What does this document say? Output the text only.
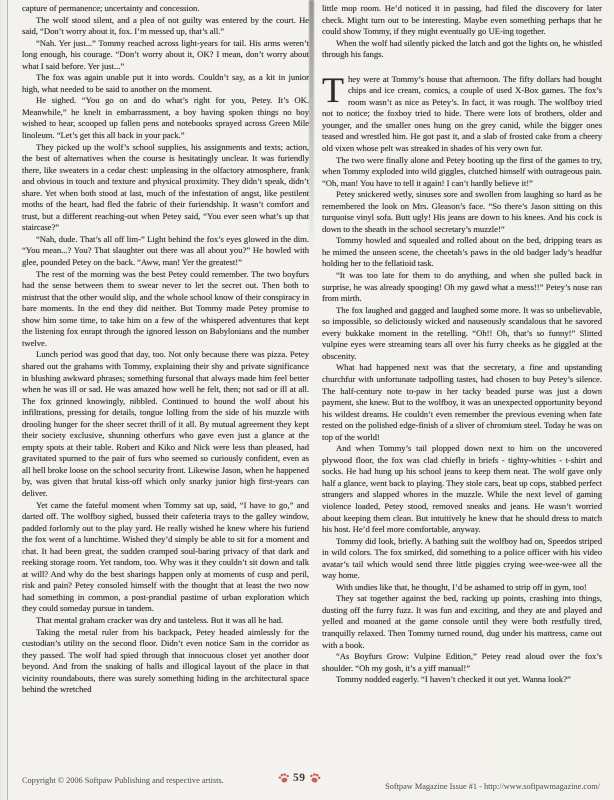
capture of permanence; uncertainty and concession.

The wolf stood silent, and a plea of not guilty was entered by the court. He said, “Don’t worry about it, fox. I’m messed up, that’s all.”

“Nah. Yer just...” Tommy reached across light-years for tail. His arms weren’t long enough, his courage. “Don’t worry about it, OK? I mean, don’t worry about what I said before. Yer just...”

The fox was again unable put it into words. Couldn’t say, as a kit in junior high, what needed to be said to another on the moment.

He sighed. “You go on and do what’s right for you, Petey. It’s OK. Meanwhile,” he knelt in embarrassment, a boy having spoken things no boy wished to hear, scooped up fallen pens and notebooks sprayed across Green Mile linoleum. “Let’s get this all back in your pack.”

They picked up the wolf’s school supplies, his assignments and texts; action, the best of alternatives when the course is hesitatingly unclear. It was furiendly there, like sweaters in a cedar chest: unpleasing in the olfactory atmosphere, frank and obvious in touch and texture and physical proximity. They didn’t speak, didn’t share. Yet when both stood at last, much of the infestation of angst, like pestilent moths of the heart, had fled the fabric of their furiendship. It wasn’t comfort and trust, but a different reaching-out when Petey said, “You ever seen what’s up that staircase?”

“Nah, dude. That’s all off lim-” Light behind the fox’s eyes glowed in the dim. “You mean...? You? That slaughter out there was all about you?” He howled with glee, pounded Petey on the back. “Aww, man! Yer the greatest!”

The rest of the morning was the best Petey could remember. The two boyfurs had the sense between them to swear never to let the secret out. Then both to mistrust that the other would slip, and the whole school know of their conspiracy in bare moments. In the end they did neither. But Tommy made Petey promise to show him some time, to take him on a few of the whispered adventures that kept the listening fox enrapt through the ignored lesson on Babylonians and the number twelve.

Lunch period was good that day, too. Not only because there was pizza. Petey shared out the grahams with Tommy, explaining their shy and private significance in blushing awkward phrases; something fursonal that always made him feel better when he was ill or sad. He was amazed how well he felt, then; not sad or ill at all. The fox grinned knowingly, nibbled. Continued to hound the wolf about his infiltrations, pressing for details, tongue lolling from the side of his muzzle with drooling hunger for the sheer secret thrill of it all. By mutual agreement they kept their society exclusive, shunning otherfurs who gave even just a glance at the empty spots at their table. Robert and Kiko and Nick were less than pleased, had gravitated spurned to the pair of furs who seemed so curiously confident, even as all hell broke loose on the school security front. Likewise Jason, when he happened by, was given that brutal kiss-off which only snarky junior high first-years can deliver.

Yet came the fateful moment when Tommy sat up, said, “I have to go,” and darted off. The wolfboy sighed, bussed their cafeteria trays to the galley window, padded forlornly out to the play yard. He really wished he knew where his furiend the fox went of a lunchtime. Wished they’d simply be able to sit for a moment and chat. It had been great, the sudden cramped soul-baring privacy of that dark and reeking storage room. Yet random, too. Why was it they couldn’t sit down and talk at will? And why do the best sharings happen only at moments of cusp and peril, risk and pain? Petey consoled himself with the thought that at least the two now had something in common, a post-prandial pastime of urban exploration which they could someday pursue in tandem.

That mental graham cracker was dry and tasteless. But it was all he had.

Taking the metal ruler from his backpack, Petey headed aimlessly for the custodian’s utility on the second floor. Didn’t even notice Sam in the corridor as they passed. The wolf had spied through that innocuous closet yet another door beyond. And from the snaking of halls and illogical layout of the place in that vicinity roundabouts, there was surely something hiding in the architectural space behind the wretched

little mop room. He’d noticed it in passing, had filed the discovery for later check. Might turn out to be interesting. Maybe even something perhaps that he could show Tommy, if they might eventually go UE-ing together.

When the wolf had silently picked the latch and got the lights on, he whistled through his fangs.

They were at Tommy’s house that afternoon. The fifty dollars had bought chips and ice cream, comics, a couple of used X-Box games. The fox’s room wasn’t as nice as Petey’s. In fact, it was rough. The wolfboy tried not to notice; the foxboy tried to hide. There were lots of brothers, older and younger, and the smaller ones hung on the grey canid, while the bigger ones teased and wrestled him. He got past it, and a slab of frosted cake from a cheery old vixen whose pelt was streaked in shades of his very own fur.

The two were finally alone and Petey booting up the first of the games to try, when Tommy exploded into wild giggles, clutched himself with outrageous pain. “Oh, man! You have to tell it again! I can’t hardly believe it!”

Petey snickered wetly, sinuses sore and swollen from laughing so hard as he remembered the look on Mrs. Gleason’s face. “So there’s Jason sitting on this turquoise vinyl sofa. Butt ugly! His jeans are down to his knees. And his cock is down to the sheath in the school secretary’s muzzle!”

Tommy howled and squealed and rolled about on the bed, dripping tears as he mimed the unseen scene, the cheetah’s paws in the old badger lady’s headfur holding her to the fellatioid task.

“It was too late for them to do anything, and when she pulled back in surprise, he was already spooging! Oh my gawd what a mess!!” Petey’s nose ran from mirth.

The fox laughed and gagged and laughed some more. It was so unbelievable, so impossible, so deliciously wicked and nauseously scandalous that he savored every bukkake moment in the retelling. “Oh!! Oh, that’s so funny!” Slitted vulpine eyes were streaming tears all over his furry cheeks as he giggled at the obscenity.

What had happened next was that the secretary, a fine and upstanding churchfur with unfortunate tadpolling tastes, had chosen to buy Petey’s silence. The half-century note to-paw in her tacky beaded purse was just a down payment, she knew. But to the wolfboy, it was an unexpected opportunity beyond his wildest dreams. He couldn’t even remember the previous evening when fate rested on the polished edge-finish of a sliver of chromium steel. Today he was on top of the world!

And when Tommy’s tail plopped down next to him on the uncovered plywood floor, the fox was clad chiefly in briefs - tighty-whities - t-shirt and socks. He had hung up his school jeans to keep them neat. The wolf gave only half a glance, went back to playing. They stole cars, beat up cops, stabbed perfect strangers and slapped whores in the muzzle. While the next level of gaming violence loaded, Petey stood, removed sneaks and jeans. He wasn’t worried about keeping them clean. But intuitively he knew that he should dress to match his host. He’d feel more comfortable, anyway.

Tommy did look, briefly. A bathing suit the wolfboy had on, Speedos striped in wild colors. The fox smirked, did something to a police officer with his video avatar’s tail which would send three little piggies crying wee-wee-wee all the way home.

With undies like that, he thought, I’d be ashamed to strip off in gym, too!

They sat together against the bed, racking up points, crashing into things, dusting off the furry fuzz. It was fun and exciting, and they ate and played and yelled and moaned at the game console until they were both restfully tired, tranquilly relaxed. Then Tommy turned round, dug under his mattress, came out with a book.

“As Boyfurs Grow: Vulpine Edition,” Petey read aloud over the fox’s shoulder. “Oh my gosh, it’s a yiff manual!”

Tommy nodded eagerly. “I haven’t checked it out yet. Wanna look?”

Copyright © 2006 Softpaw Publishing and respective artists.	59
Softpaw Magazine Issue #1 - http://www.softpawmagazine.com/
